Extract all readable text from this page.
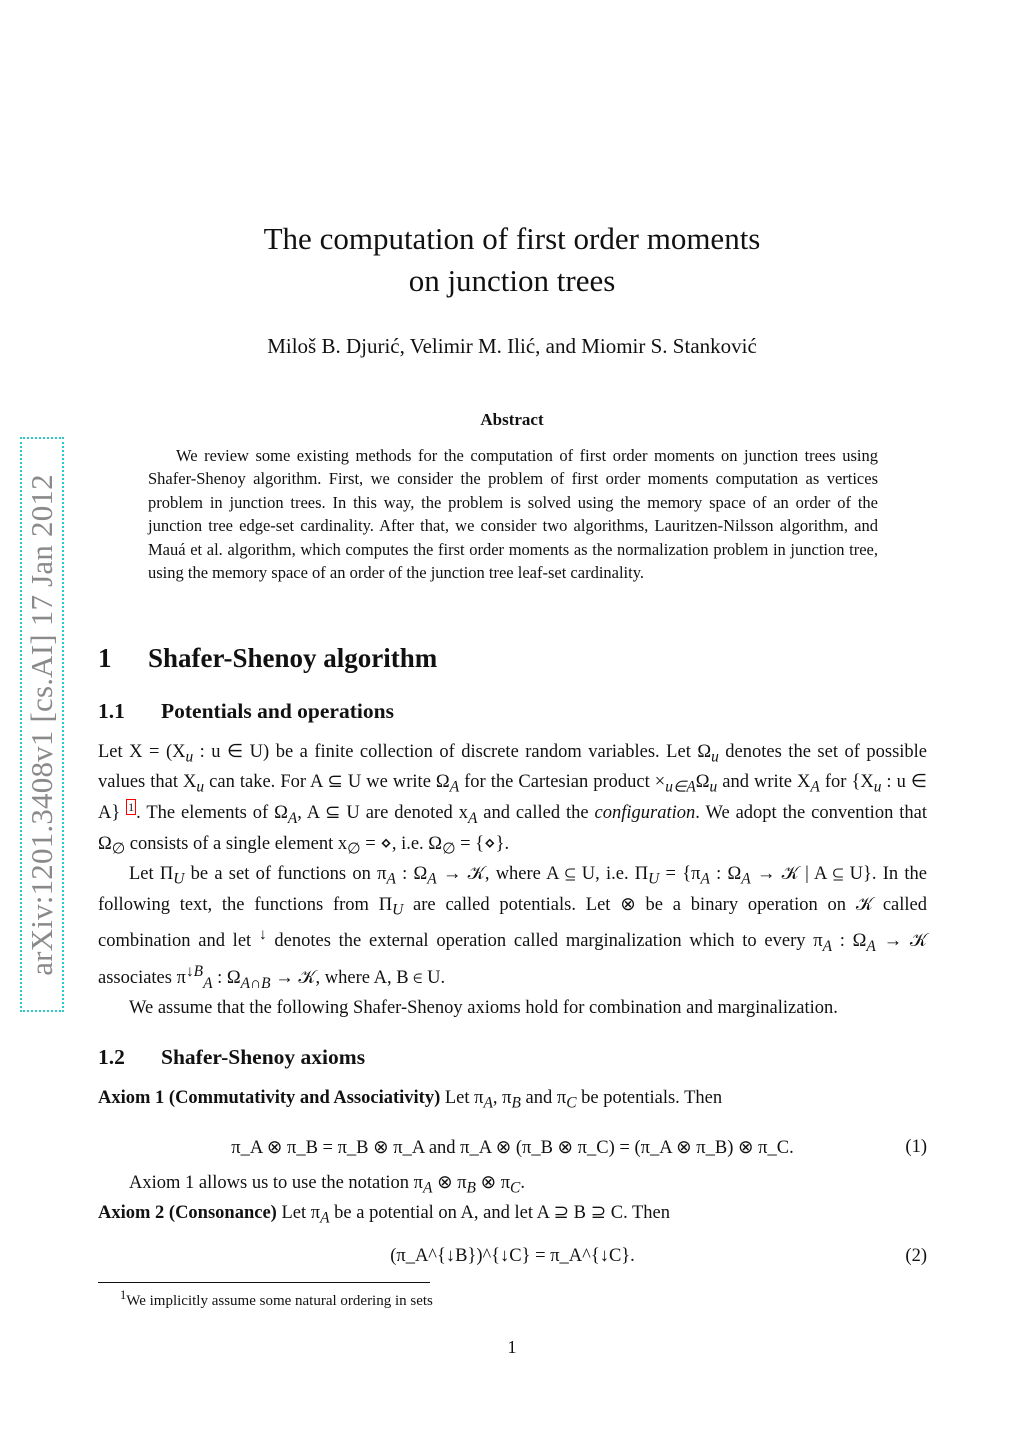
arXiv:1201.3408v1 [cs.AI] 17 Jan 2012
The computation of first order moments
on junction trees
Miloš B. Djurić, Velimir M. Ilić, and Miomir S. Stanković
Abstract

We review some existing methods for the computation of first order moments on junction trees using Shafer-Shenoy algorithm. First, we consider the problem of first order moments computation as vertices problem in junction trees. In this way, the problem is solved using the memory space of an order of the junction tree edge-set cardinality. After that, we consider two algorithms, Lauritzen-Nilsson algorithm, and Mauá et al. algorithm, which computes the first order moments as the normalization problem in junction tree, using the memory space of an order of the junction tree leaf-set cardinality.

1 Shafer-Shenoy algorithm
1.1 Potentials and operations

Let $X = (X_u$ : u ∈ U) be a finite collection of discrete random variables. Let $\Omega_u$ denotes the set of possible values that $X_u$ can take. For A ⊆ U we write $\Omega_A$ for the Cartesian product $\times_{u\in A}\Omega_u$ and write $X_A$ for {$X_u$ : u ∈ A} $^1$ . The elements of $\Omega_A$, A ⊆ U are denoted $x_A$ and called the configuration. We adopt the convention that $\Omega_\emptyset$ consists of a single element $x_\emptyset$ = ⋄, i.e. $\Omega_\emptyset$ = {⋄}.

Let $\Pi_U$ be a set of functions on $\pi_A$ : $\Omega_A$ → 𝒦, where A ⊆ U, i.e. $\Pi_U = \{\pi_A$ : $\Omega_A$ → 𝒦 | A ⊆ U}. In the following text, the functions from $\Pi_U$ are called potentials. Let ⊗ be a binary operation on 𝒦 called combination and let ↓ denotes the external operation called marginalization which to every $\pi_A$ : $\Omega_A$ → 𝒦 associates $\pi^{↓B}_A$ : $\Omega_{A\cap B}$ → 𝒦, where A, B ∈ U.

We assume that the following Shafer-Shenoy axioms hold for combination and marginalization.

1.2 Shafer-Shenoy axioms

Axiom 1 (Commutativity and Associativity) Let $\pi_A$, $\pi_B$ and $\pi_C$ be potentials. Then

π_A ⊗ π_B = π_B ⊗ π_A and π_A ⊗ (π_B ⊗ π_C) = (π_A ⊗ π_B) ⊗ π_C.	(1)

Axiom 1 allows us to use the notation $\pi_A$ ⊗ $\pi_B$ ⊗ $\pi_C$.

Axiom 2 (Consonance) Let $\pi_A$ be a potential on A, and let A ⊇ B ⊇ C. Then

(π_A^{↓B})^{↓C} = π_A^{↓C}.	(2)
$^1$We implicitly assume some natural ordering in sets
1
